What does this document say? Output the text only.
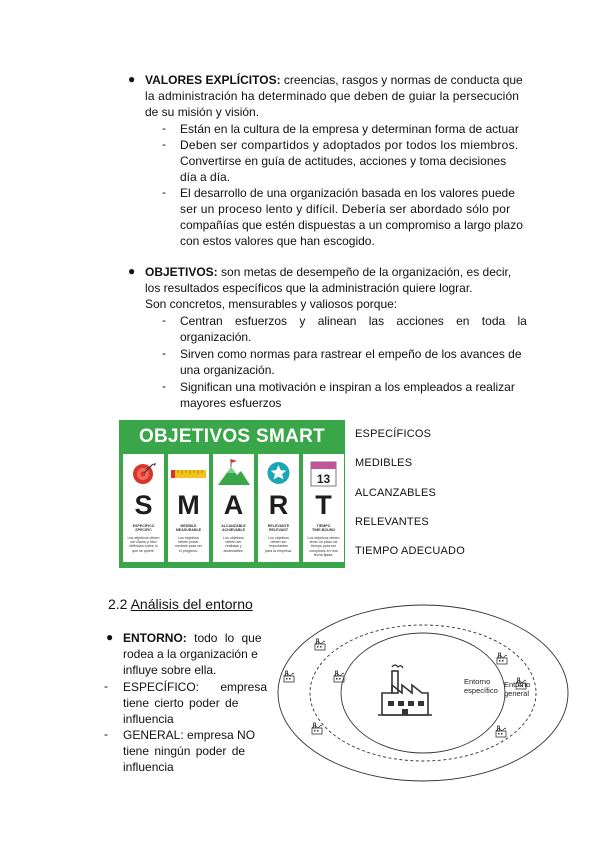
● VALORES EXPLÍCITOS: creencias, rasgos y normas de conducta que
la administración ha determinado que deben de guiar la persecución
de su misión y visión.
- Están en la cultura de la empresa y determinan forma de actuar
- Deben ser compartidos y adoptados por todos los miembros.
Convertirse en guía de actitudes, acciones y toma decisiones
día a día.
- El desarrollo de una organización basada en los valores puede
ser un proceso lento y difícil. Debería ser abordado sólo por
compañías que estén dispuestas a un compromiso a largo plazo
con estos valores que han escogido.
● OBJETIVOS: son metas de desempeño de la organización, es decir,
los resultados específicos que la administración quiere lograr.
Son concretos, mensurables y valiosos porque:
- Centran esfuerzos y alinean las acciones en toda la
organización.
- Sirven como normas para rastrear el empeño de los avances de
una organización.
- Significan una motivación e inspiran a los empleados a realizar
mayores esfuerzos
OBJETIVOS SMART
S
ESPECÍFICO
SPECIFIC
Los objetivos deben
ser claros y bien
definidos sobre lo
que se quiere.
M
MEDIBLE
MEASURABLE
Los objetivos
deben poder
medirse para ver
el progreso.
A
ALCANZABLE
ACHIEVABLE
Los objetivos
deben ser
realistas y
alcanzables.
R
RELEVANTE
RELEVANT
Los objetivos
deben ser
importantes
para la empresa.
13
T
TIEMPO
TIME-BOUND
Los objetivos deben
tener un plazo de
tiempo para ser
cumplidos en una
fecha fijada.
ESPECÍFICOS
MEDIBLES
ALCANZABLES
RELEVANTES
TIEMPO ADECUADO
2.2 Análisis del entorno
● ENTORNO: todo lo que
rodea a la organización e
influye sobre ella.
- ESPECÍFICO: empresa
tiene cierto poder de
influencia
- GENERAL: empresa NO
tiene ningún poder de
influencia
Entorno específico
Entorno general
